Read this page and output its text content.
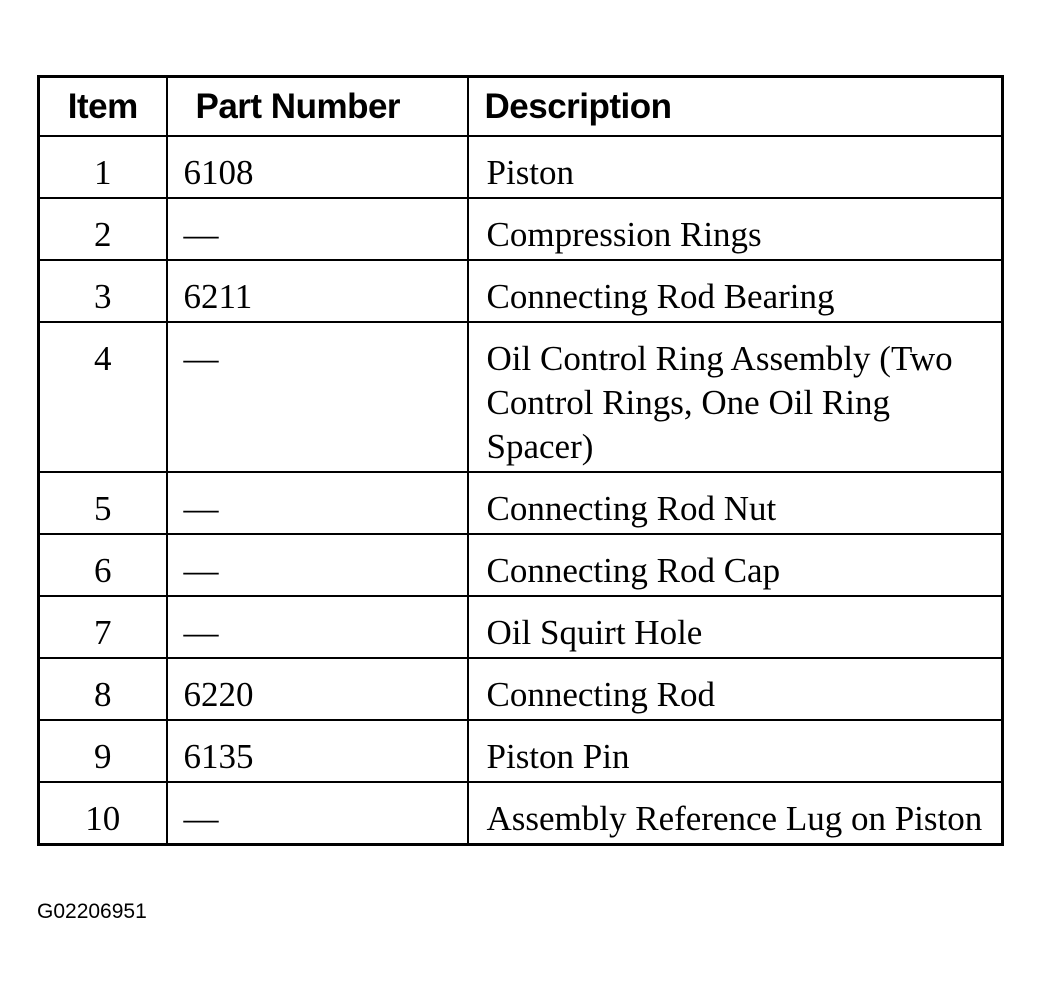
Item	Part Number	Description
1	6108	Piston
2	—	Compression Rings
3	6211	Connecting Rod Bearing
4	—	Oil Control Ring Assembly (Two Control Rings, One Oil Ring Spacer)
5	—	Connecting Rod Nut
6	—	Connecting Rod Cap
7	—	Oil Squirt Hole
8	6220	Connecting Rod
9	6135	Piston Pin
10	—	Assembly Reference Lug on Piston
G02206951
